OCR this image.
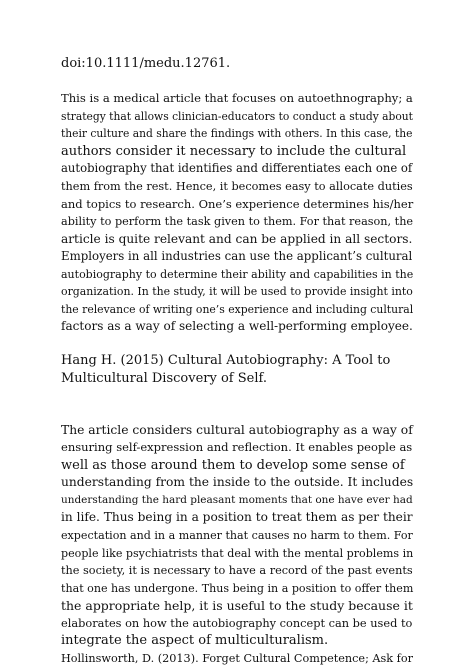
doi:10.1111/medu.12761.
This is a medical article that focuses on autoethnography; a
strategy that allows clinician-educators to conduct a study about
their culture and share the findings with others. In this case, the
authors consider it necessary to include the cultural
autobiography that identifies and differentiates each one of
them from the rest. Hence, it becomes easy to allocate duties
and topics to research. One’s experience determines his/her
ability to perform the task given to them. For that reason, the
article is quite relevant and can be applied in all sectors.
Employers in all industries can use the applicant’s cultural
autobiography to determine their ability and capabilities in the
organization. In the study, it will be used to provide insight into
the relevance of writing one’s experience and including cultural
factors as a way of selecting a well-performing employee.
Hang H. (2015) Cultural Autobiography: A Tool to
Multicultural Discovery of Self.
The article considers cultural autobiography as a way of
ensuring self-expression and reflection. It enables people as
well as those around them to develop some sense of
understanding from the inside to the outside. It includes
understanding the hard pleasant moments that one have ever had
in life. Thus being in a position to treat them as per their
expectation and in a manner that causes no harm to them. For
people like psychiatrists that deal with the mental problems in
the society, it is necessary to have a record of the past events
that one has undergone. Thus being in a position to offer them
the appropriate help, it is useful to the study because it
elaborates on how the autobiography concept can be used to
integrate the aspect of multiculturalism.
Hollinsworth, D. (2013). Forget Cultural Competence; Ask for
